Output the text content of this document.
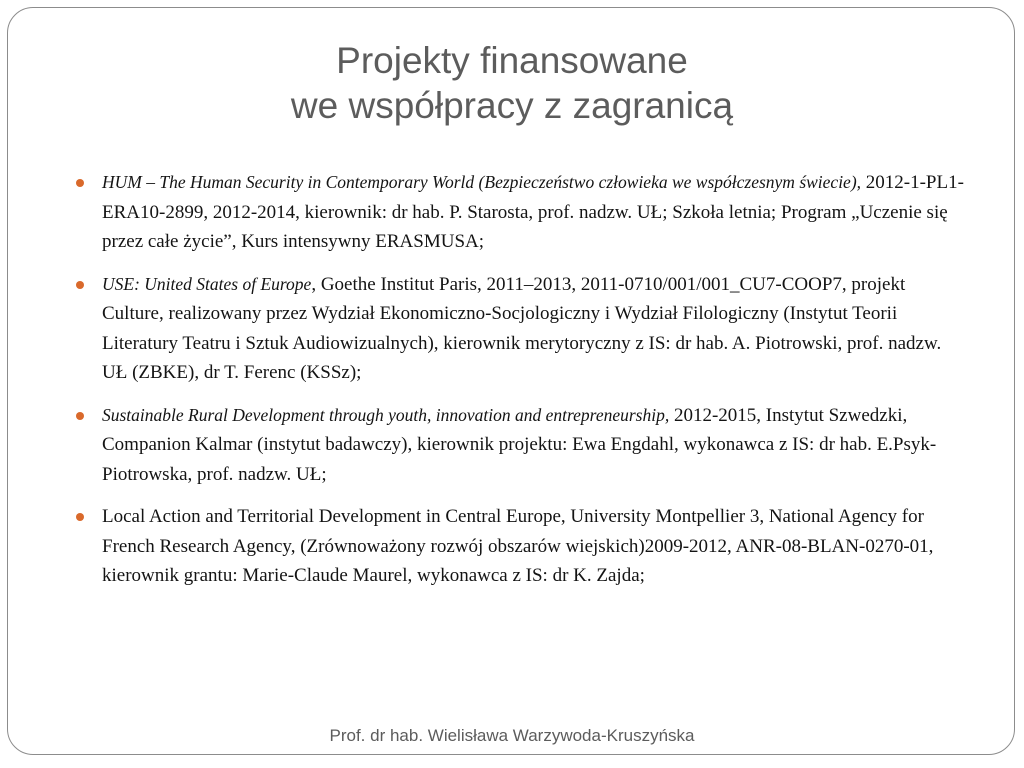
Projekty finansowane
we współpracy z zagranicą
HUM – The Human Security in Contemporary World (Bezpieczeństwo człowieka we współczesnym świecie), 2012-1-PL1-ERA10-2899, 2012-2014, kierownik: dr hab. P. Starosta, prof. nadzw. UŁ; Szkoła letnia; Program „Uczenie się przez całe życie”, Kurs intensywny ERASMUSA;
USE: United States of Europe, Goethe Institut Paris, 2011–2013, 2011-0710/001/001_CU7-COOP7, projekt Culture, realizowany przez Wydział Ekonomiczno-Socjologiczny i Wydział Filologiczny (Instytut Teorii Literatury Teatru i Sztuk Audiowizualnych), kierownik merytoryczny z IS: dr hab. A. Piotrowski, prof. nadzw. UŁ (ZBKE), dr T. Ferenc (KSSz);
Sustainable Rural Development through youth, innovation and entrepreneurship, 2012-2015, Instytut Szwedzki, Companion Kalmar (instytut badawczy), kierownik projektu: Ewa Engdahl, wykonawca z IS: dr hab. E.Psyk-Piotrowska, prof. nadzw. UŁ;
Local Action and Territorial Development in Central Europe, University Montpellier 3, National Agency for French Research Agency, (Zrównoważony rozwój obszarów wiejskich)2009-2012, ANR-08-BLAN-0270-01, kierownik grantu: Marie-Claude Maurel, wykonawca z IS: dr K. Zajda;
Prof. dr hab. Wielisława Warzywoda-Kruszyńska
